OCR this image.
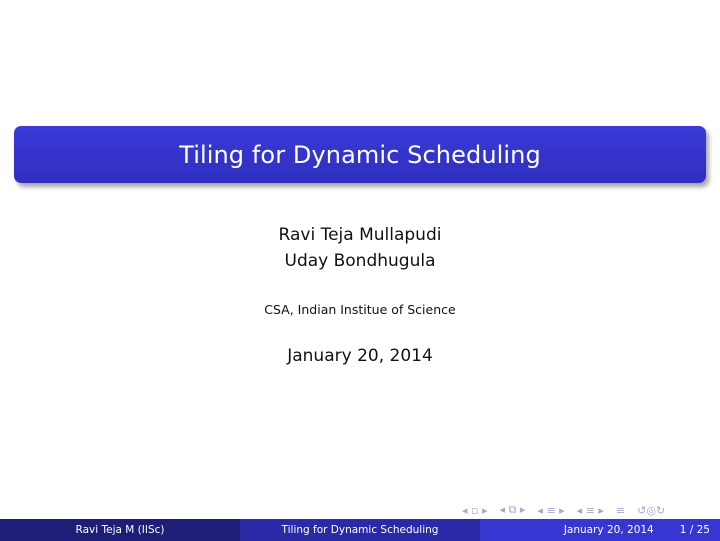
Tiling for Dynamic Scheduling
Ravi Teja Mullapudi
Uday Bondhugula
CSA, Indian Institue of Science
January 20, 2014
◂ ▫ ▸ ◂ ⧉ ▸ ◂ ≡ ▸ ◂ ≡ ▸ ≡ ↺◎↻
Ravi Teja M (IISc)	Tiling for Dynamic Scheduling	January 20, 2014 1 / 25
